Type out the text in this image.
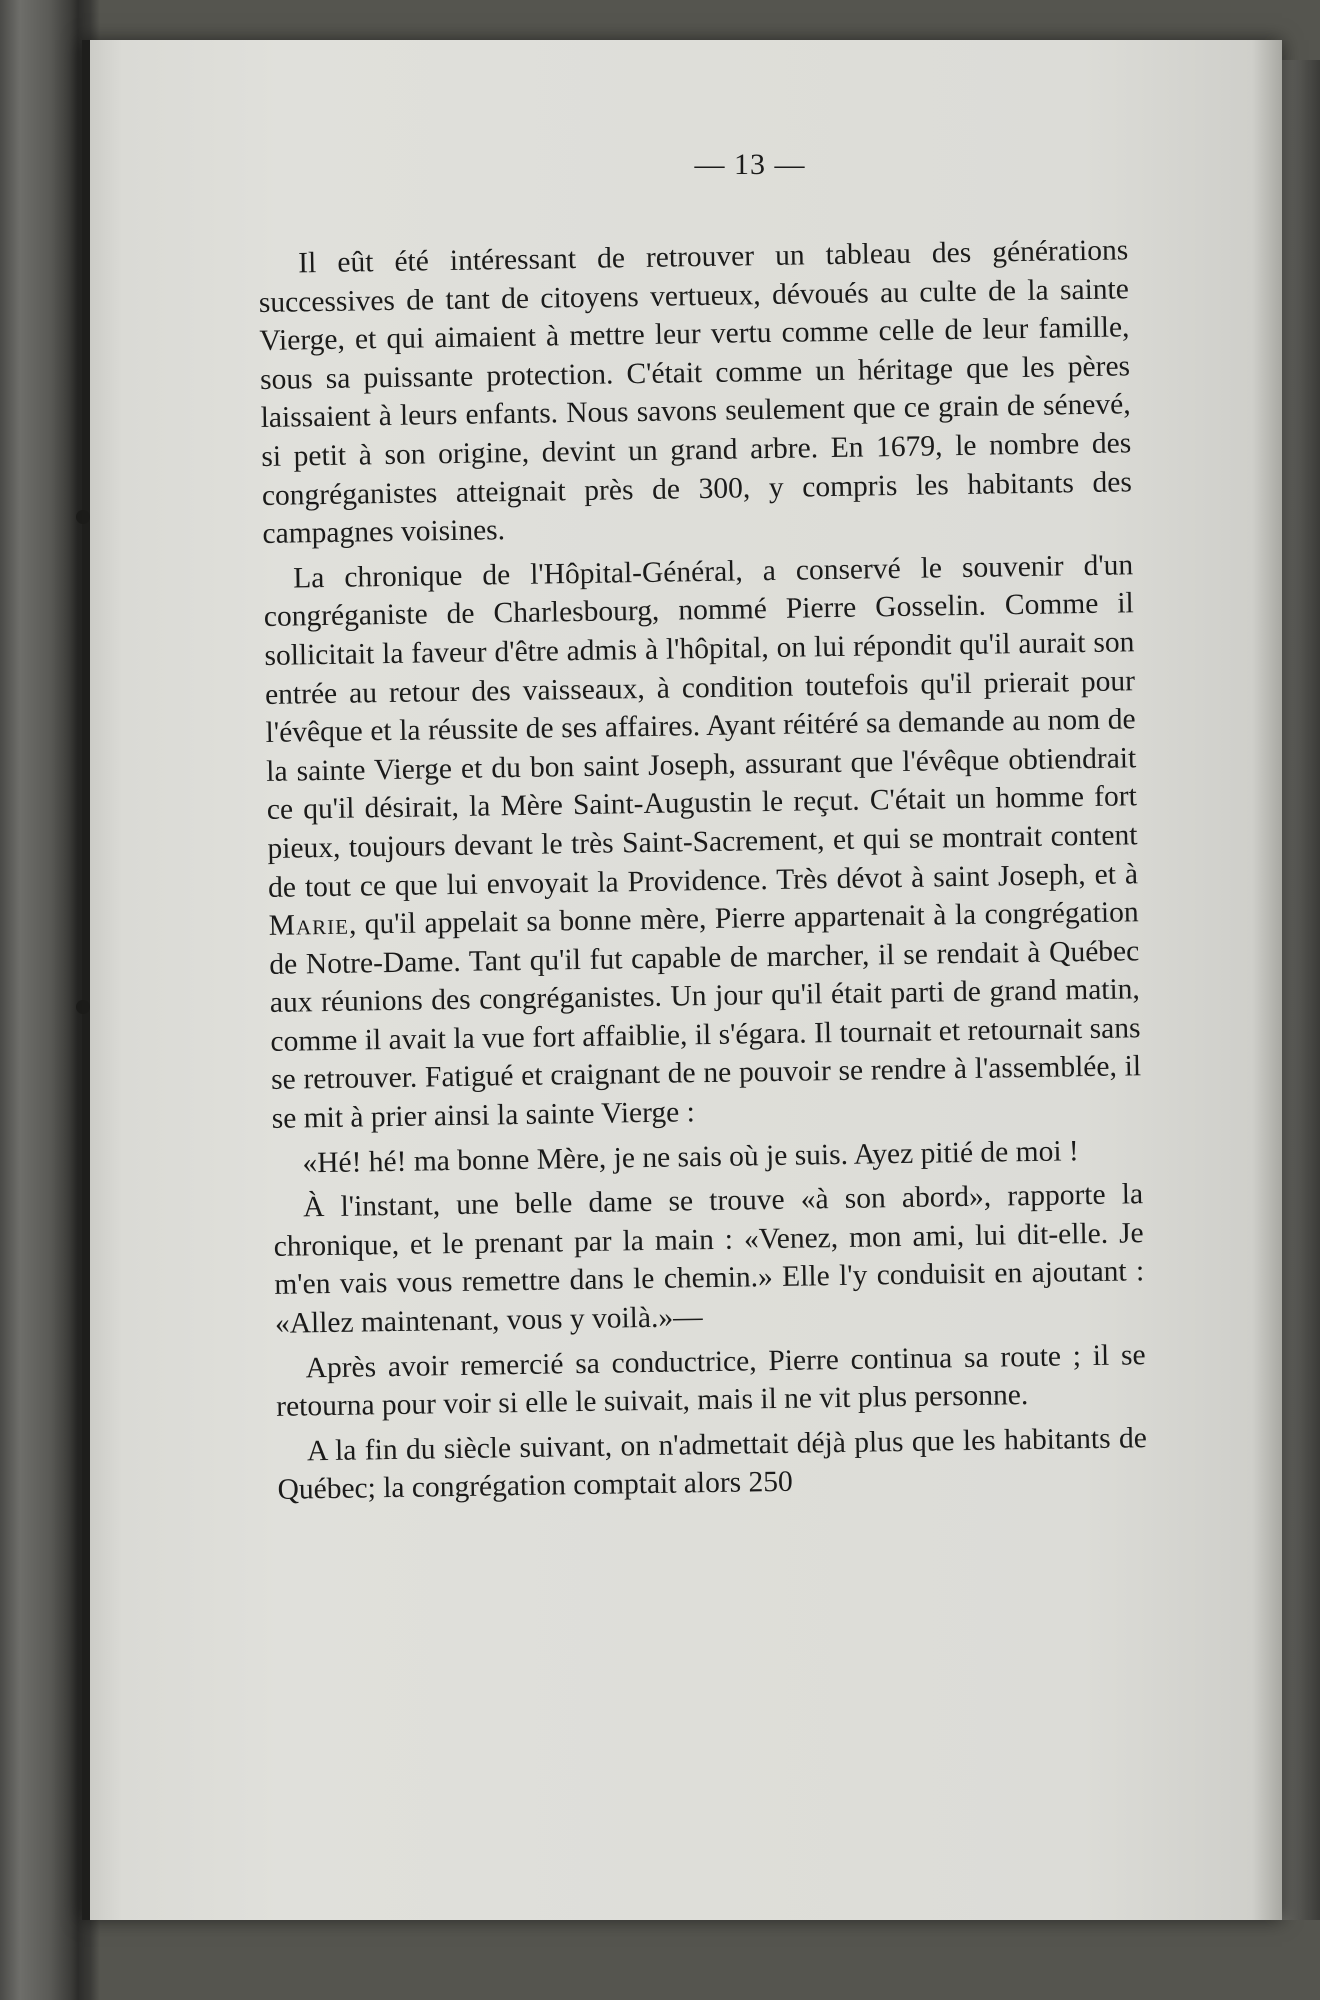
— 13 —

Il eût été intéressant de retrouver un tableau des générations successives de tant de citoyens vertueux, dévoués au culte de la sainte Vierge, et qui aimaient à mettre leur vertu comme celle de leur famille, sous sa puissante protection. C'était comme un héritage que les pères laissaient à leurs enfants. Nous savons seulement que ce grain de sénevé, si petit à son origine, devint un grand arbre. En 1679, le nombre des congréganistes atteignait près de 300, y compris les habitants des campagnes voisines.

La chronique de l'Hôpital-Général, a conservé le souvenir d'un congréganiste de Charlesbourg, nommé Pierre Gosselin. Comme il sollicitait la faveur d'être admis à l'hôpital, on lui répondit qu'il aurait son entrée au retour des vaisseaux, à condition toutefois qu'il prierait pour l'évêque et la réussite de ses affaires. Ayant réitéré sa demande au nom de la sainte Vierge et du bon saint Joseph, assurant que l'évêque obtiendrait ce qu'il désirait, la Mère Saint-Augustin le reçut. C'était un homme fort pieux, toujours devant le très Saint-Sacrement, et qui se montrait content de tout ce que lui envoyait la Providence. Très dévot à saint Joseph, et à Marie, qu'il appelait sa bonne mère, Pierre appartenait à la congrégation de Notre-Dame. Tant qu'il fut capable de marcher, il se rendait à Québec aux réunions des congréganistes. Un jour qu'il était parti de grand matin, comme il avait la vue fort affaiblie, il s'égara. Il tournait et retournait sans se retrouver. Fatigué et craignant de ne pouvoir se rendre à l'assemblée, il se mit à prier ainsi la sainte Vierge :

«Hé! hé! ma bonne Mère, je ne sais où je suis. Ayez pitié de moi !

À l'instant, une belle dame se trouve «à son abord», rapporte la chronique, et le prenant par la main : «Venez, mon ami, lui dit-elle. Je m'en vais vous remettre dans le chemin.» Elle l'y conduisit en ajoutant : «Allez maintenant, vous y voilà.»—

Après avoir remercié sa conductrice, Pierre continua sa route ; il se retourna pour voir si elle le suivait, mais il ne vit plus personne.

A la fin du siècle suivant, on n'admettait déjà plus que les habitants de Québec; la congrégation comptait alors 250
